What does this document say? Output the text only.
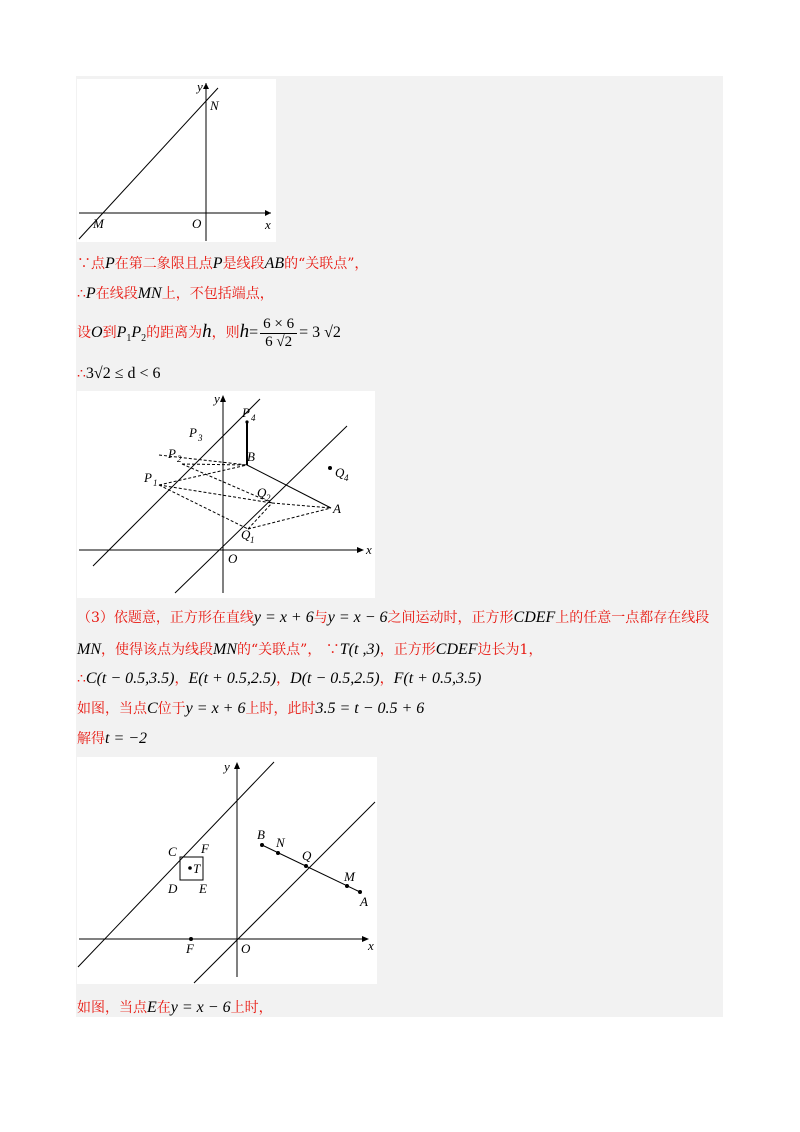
y
x
N
M	O
∵点P在第二象限且点P是线段AB的“关联点”，
∴P在线段MN上，不包括端点，
设O到$P_1P_2$的距离为h，则$h= \frac{6 \times 6}{6 √2} = 3$ √2
∴3√2 ≤ d < 6
y
x
O
P 4
P 3
P 2
P 1
B
A
Q 4
Q 2
Q 1
（3）依题意，正方形在直线y = x + 6与y = x − 6之间运动时，正方形CDEF上的任意一点都存在线段
MN，使得该点为线段MN的“关联点”， ∵T(t ,3)，正方形CDEF边长为1，
∴C(t − 0.5,3.5)，E(t + 0.5,2.5)，D(t − 0.5,2.5)，F(t + 0.5,3.5)
如图，当点C位于y = x + 6上时，此时3.5 = t − 0.5 + 6
解得t = −2
y
x
O
C F
T
D E
F
B
N
Q
M
A
如图，当点E在y = x − 6上时，
